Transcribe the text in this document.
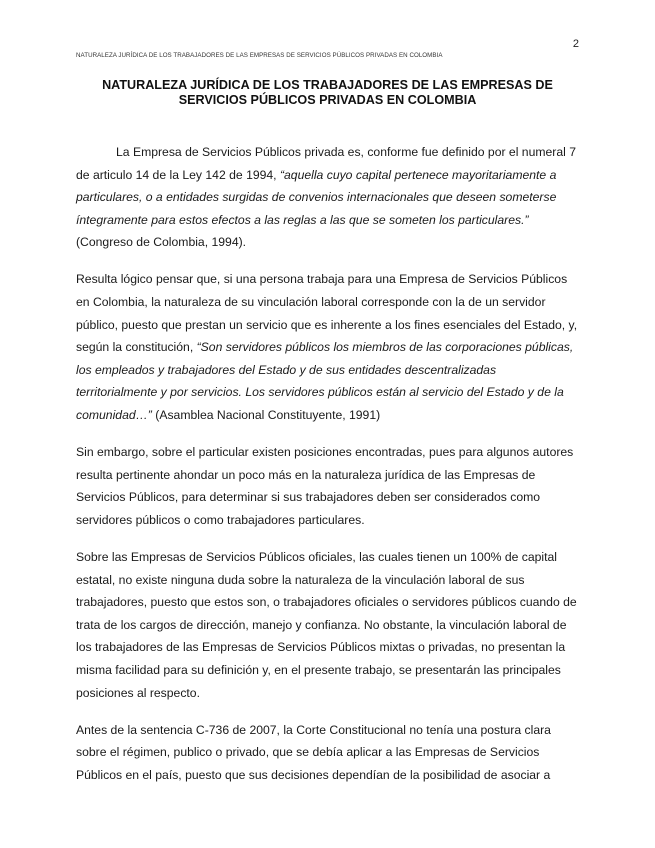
NATURALEZA JURÍDICA DE LOS TRABAJADORES DE LAS EMPRESAS DE SERVICIOS PÚBLICOS PRIVADAS EN COLOMBIA
2
NATURALEZA JURÍDICA DE LOS TRABAJADORES DE LAS EMPRESAS DE
SERVICIOS PÚBLICOS PRIVADAS EN COLOMBIA

La Empresa de Servicios Públicos privada es, conforme fue definido por el numeral 7 de articulo 14 de la Ley 142 de 1994, “aquella cuyo capital pertenece mayoritariamente a particulares, o a entidades surgidas de convenios internacionales que deseen someterse íntegramente para estos efectos a las reglas a las que se someten los particulares.” (Congreso de Colombia, 1994).

Resulta lógico pensar que, si una persona trabaja para una Empresa de Servicios Públicos en Colombia, la naturaleza de su vinculación laboral corresponde con la de un servidor público, puesto que prestan un servicio que es inherente a los fines esenciales del Estado, y, según la constitución, “Son servidores públicos los miembros de las corporaciones públicas, los empleados y trabajadores del Estado y de sus entidades descentralizadas territorialmente y por servicios. Los servidores públicos están al servicio del Estado y de la comunidad…” (Asamblea Nacional Constituyente, 1991)

Sin embargo, sobre el particular existen posiciones encontradas, pues para algunos autores resulta pertinente ahondar un poco más en la naturaleza jurídica de las Empresas de Servicios Públicos, para determinar si sus trabajadores deben ser considerados como servidores públicos o como trabajadores particulares.

Sobre las Empresas de Servicios Públicos oficiales, las cuales tienen un 100% de capital estatal, no existe ninguna duda sobre la naturaleza de la vinculación laboral de sus trabajadores, puesto que estos son, o trabajadores oficiales o servidores públicos cuando de trata de los cargos de dirección, manejo y confianza. No obstante, la vinculación laboral de los trabajadores de las Empresas de Servicios Públicos mixtas o privadas, no presentan la misma facilidad para su definición y, en el presente trabajo, se presentarán las principales posiciones al respecto.

Antes de la sentencia C-736 de 2007, la Corte Constitucional no tenía una postura clara sobre el régimen, publico o privado, que se debía aplicar a las Empresas de Servicios Públicos en el país, puesto que sus decisiones dependían de la posibilidad de asociar a
